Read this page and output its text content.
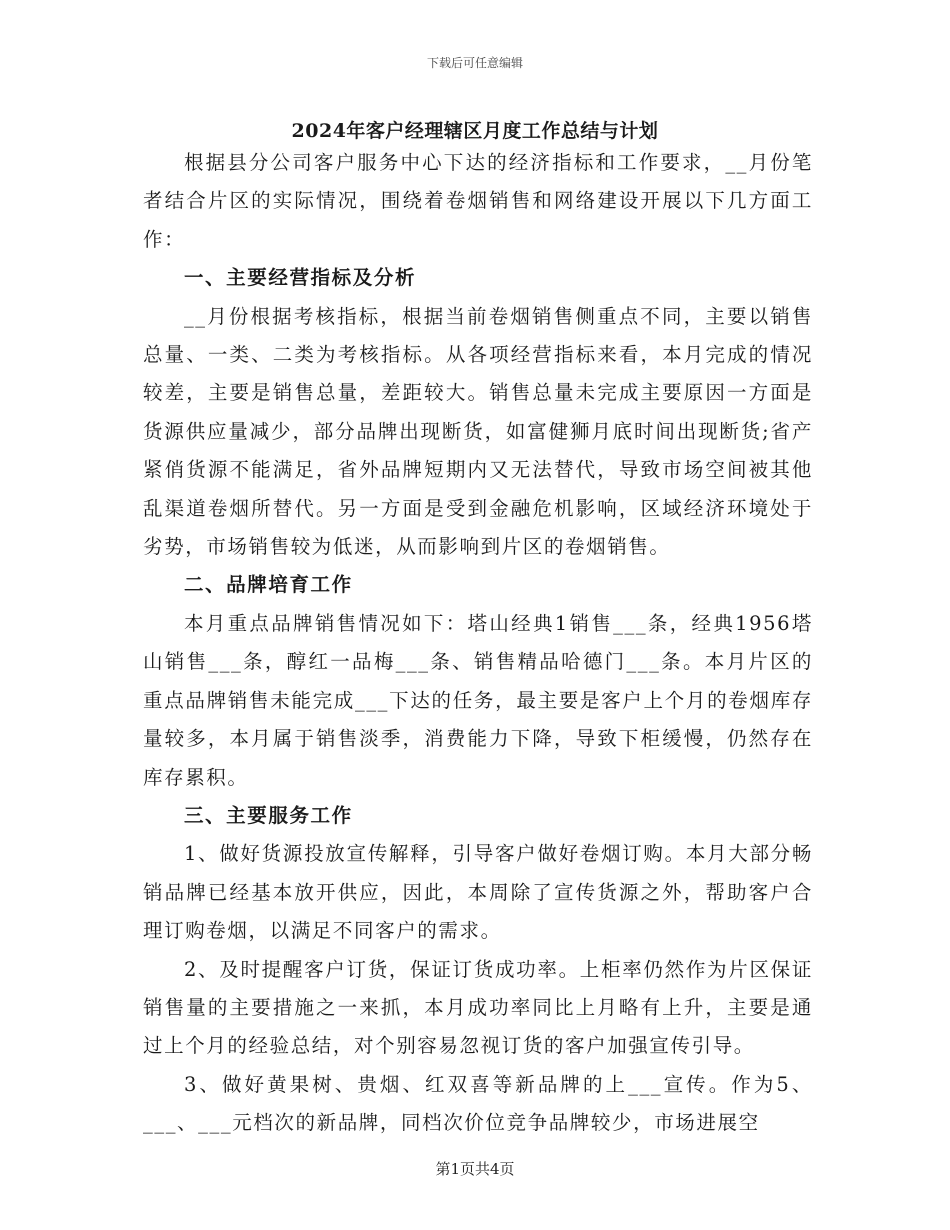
下载后可任意编辑
2024年客户经理辖区月度工作总结与计划

根据县分公司客户服务中心下达的经济指标和工作要求，__月份笔者结合片区的实际情况，围绕着卷烟销售和网络建设开展以下几方面工作：

一、主要经营指标及分析

__月份根据考核指标，根据当前卷烟销售侧重点不同，主要以销售总量、一类、二类为考核指标。从各项经营指标来看，本月完成的情况较差，主要是销售总量，差距较大。销售总量未完成主要原因一方面是货源供应量减少，部分品牌出现断货，如富健狮月底时间出现断货;省产紧俏货源不能满足，省外品牌短期内又无法替代，导致市场空间被其他乱渠道卷烟所替代。另一方面是受到金融危机影响，区域经济环境处于劣势，市场销售较为低迷，从而影响到片区的卷烟销售。

二、品牌培育工作

本月重点品牌销售情况如下：塔山经典1销售___条，经典1956塔山销售___条，醇红一品梅___条、销售精品哈德门___条。本月片区的重点品牌销售未能完成___下达的任务，最主要是客户上个月的卷烟库存量较多，本月属于销售淡季，消费能力下降，导致下柜缓慢，仍然存在库存累积。

三、主要服务工作

1、做好货源投放宣传解释，引导客户做好卷烟订购。本月大部分畅销品牌已经基本放开供应，因此，本周除了宣传货源之外，帮助客户合理订购卷烟，以满足不同客户的需求。

2、及时提醒客户订货，保证订货成功率。上柜率仍然作为片区保证销售量的主要措施之一来抓，本月成功率同比上月略有上升，主要是通过上个月的经验总结，对个别容易忽视订货的客户加强宣传引导。

3、做好黄果树、贵烟、红双喜等新品牌的上___宣传。作为5、___、___元档次的新品牌，同档次价位竞争品牌较少，市场进展空

第1页共4页
